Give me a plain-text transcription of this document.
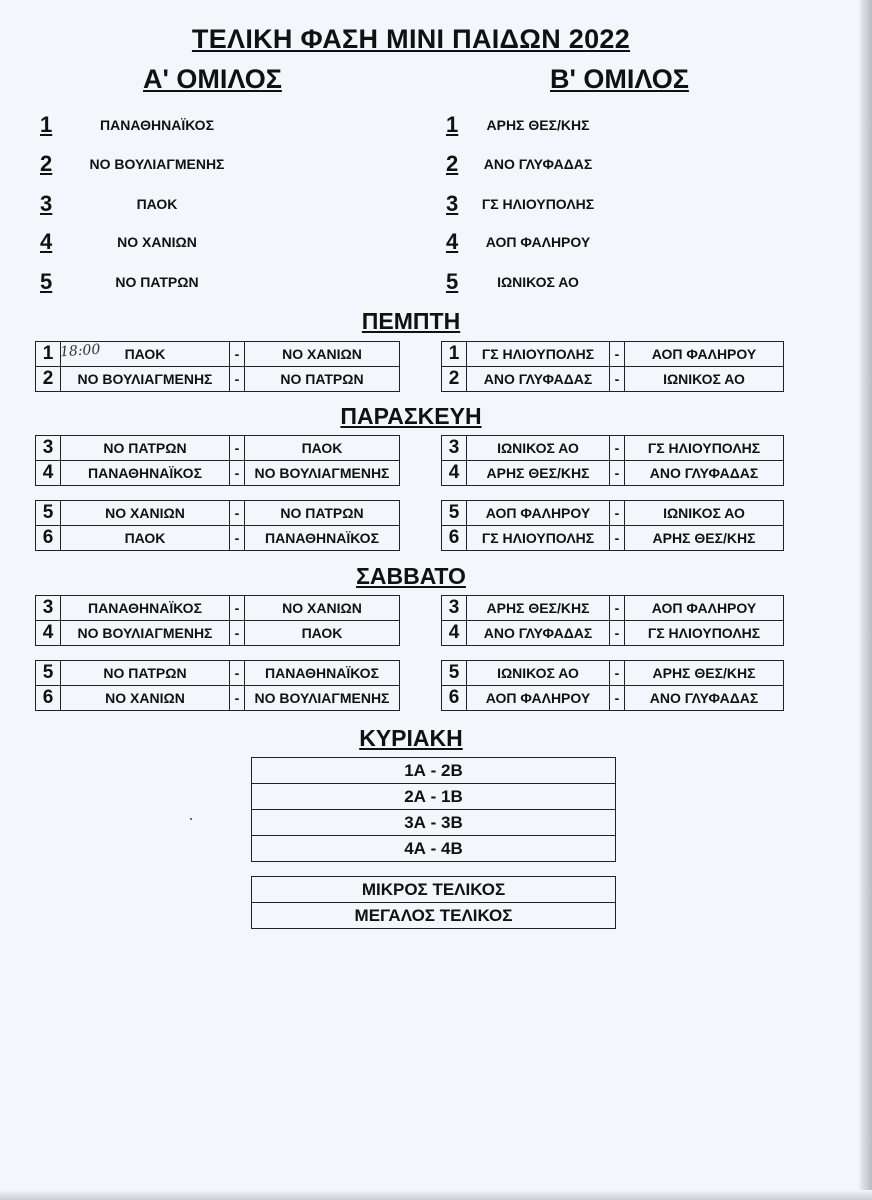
ΤΕΛΙΚΗ ΦΑΣΗ ΜΙΝΙ ΠΑΙΔΩΝ 2022
Α' ΟΜΙΛΟΣ	Β' ΟΜΙΛΟΣ
1	ΠΑΝΑΘΗΝΑΪΚΟΣ
2	ΝΟ ΒΟΥΛΙΑΓΜΕΝΗΣ
3	ΠΑΟΚ
4	ΝΟ ΧΑΝΙΩΝ
5	ΝΟ ΠΑΤΡΩΝ
1	ΑΡΗΣ ΘΕΣ/ΚΗΣ
2	ΑΝΟ ΓΛΥΦΑΔΑΣ
3	ΓΣ ΗΛΙΟΥΠΟΛΗΣ
4	ΑΟΠ ΦΑΛΗΡΟΥ
5	ΙΩΝΙΚΟΣ ΑΟ
ΠΕΜΠΤΗ
1	ΠΑΟΚ	-	ΝΟ ΧΑΝΙΩΝ
2	ΝΟ ΒΟΥΛΙΑΓΜΕΝΗΣ	-	ΝΟ ΠΑΤΡΩΝ
18:00	1	ΓΣ ΗΛΙΟΥΠΟΛΗΣ	-	ΑΟΠ ΦΑΛΗΡΟΥ
2	ΑΝΟ ΓΛΥΦΑΔΑΣ	-	ΙΩΝΙΚΟΣ ΑΟ
ΠΑΡΑΣΚΕΥΗ
3	ΝΟ ΠΑΤΡΩΝ	-	ΠΑΟΚ
4	ΠΑΝΑΘΗΝΑΪΚΟΣ	-	ΝΟ ΒΟΥΛΙΑΓΜΕΝΗΣ
3	ΙΩΝΙΚΟΣ ΑΟ	-	ΓΣ ΗΛΙΟΥΠΟΛΗΣ
4	ΑΡΗΣ ΘΕΣ/ΚΗΣ	-	ΑΝΟ ΓΛΥΦΑΔΑΣ
5	ΝΟ ΧΑΝΙΩΝ	-	ΝΟ ΠΑΤΡΩΝ
6	ΠΑΟΚ	-	ΠΑΝΑΘΗΝΑΪΚΟΣ
5	ΑΟΠ ΦΑΛΗΡΟΥ	-	ΙΩΝΙΚΟΣ ΑΟ
6	ΓΣ ΗΛΙΟΥΠΟΛΗΣ	-	ΑΡΗΣ ΘΕΣ/ΚΗΣ
ΣΑΒΒΑΤΟ
3	ΠΑΝΑΘΗΝΑΪΚΟΣ	-	ΝΟ ΧΑΝΙΩΝ
4	ΝΟ ΒΟΥΛΙΑΓΜΕΝΗΣ	-	ΠΑΟΚ
3	ΑΡΗΣ ΘΕΣ/ΚΗΣ	-	ΑΟΠ ΦΑΛΗΡΟΥ
4	ΑΝΟ ΓΛΥΦΑΔΑΣ	-	ΓΣ ΗΛΙΟΥΠΟΛΗΣ
5	ΝΟ ΠΑΤΡΩΝ	-	ΠΑΝΑΘΗΝΑΪΚΟΣ
6	ΝΟ ΧΑΝΙΩΝ	-	ΝΟ ΒΟΥΛΙΑΓΜΕΝΗΣ
5	ΙΩΝΙΚΟΣ ΑΟ	-	ΑΡΗΣ ΘΕΣ/ΚΗΣ
6	ΑΟΠ ΦΑΛΗΡΟΥ	-	ΑΝΟ ΓΛΥΦΑΔΑΣ
ΚΥΡΙΑΚΗ
1Α - 2Β
2Α - 1Β
3Α - 3Β
4Α - 4Β
ΜΙΚΡΟΣ ΤΕΛΙΚΟΣ
ΜΕΓΑΛΟΣ ΤΕΛΙΚΟΣ
